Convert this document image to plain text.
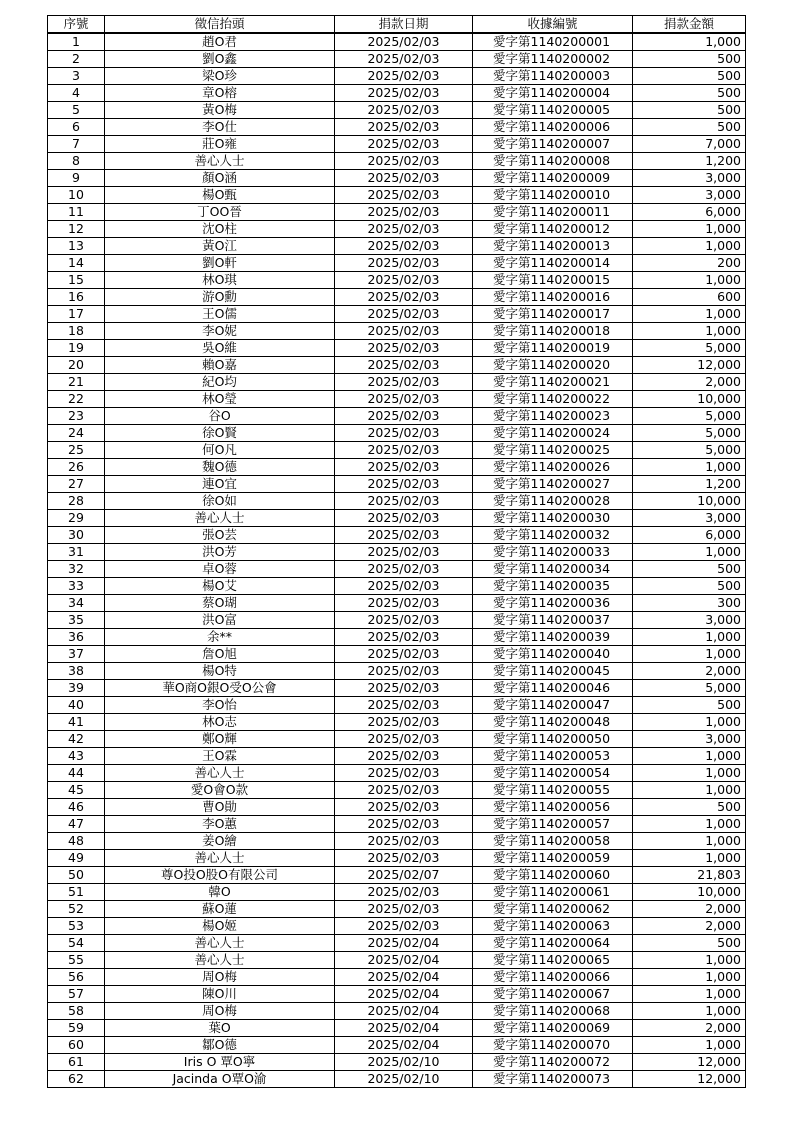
序號	徵信抬頭	捐款日期	收據編號	捐款金額
1	趙O君	2025/02/03	愛字第1140200001	1,000
2	劉O鑫	2025/02/03	愛字第1140200002	500
3	梁O珍	2025/02/03	愛字第1140200003	500
4	章O榕	2025/02/03	愛字第1140200004	500
5	黃O梅	2025/02/03	愛字第1140200005	500
6	李O仕	2025/02/03	愛字第1140200006	500
7	莊O雍	2025/02/03	愛字第1140200007	7,000
8	善心人士	2025/02/03	愛字第1140200008	1,200
9	顏O涵	2025/02/03	愛字第1140200009	3,000
10	楊O甄	2025/02/03	愛字第1140200010	3,000
11	丁OO晉	2025/02/03	愛字第1140200011	6,000
12	沈O柱	2025/02/03	愛字第1140200012	1,000
13	黃O江	2025/02/03	愛字第1140200013	1,000
14	劉O軒	2025/02/03	愛字第1140200014	200
15	林O琪	2025/02/03	愛字第1140200015	1,000
16	游O勳	2025/02/03	愛字第1140200016	600
17	王O儒	2025/02/03	愛字第1140200017	1,000
18	李O妮	2025/02/03	愛字第1140200018	1,000
19	吳O維	2025/02/03	愛字第1140200019	5,000
20	賴O嘉	2025/02/03	愛字第1140200020	12,000
21	紀O均	2025/02/03	愛字第1140200021	2,000
22	林O瑩	2025/02/03	愛字第1140200022	10,000
23	谷O	2025/02/03	愛字第1140200023	5,000
24	徐O賢	2025/02/03	愛字第1140200024	5,000
25	何O凡	2025/02/03	愛字第1140200025	5,000
26	魏O德	2025/02/03	愛字第1140200026	1,000
27	連O宜	2025/02/03	愛字第1140200027	1,200
28	徐O如	2025/02/03	愛字第1140200028	10,000
29	善心人士	2025/02/03	愛字第1140200030	3,000
30	張O芸	2025/02/03	愛字第1140200032	6,000
31	洪O芳	2025/02/03	愛字第1140200033	1,000
32	卓O蓉	2025/02/03	愛字第1140200034	500
33	楊O艾	2025/02/03	愛字第1140200035	500
34	蔡O瑚	2025/02/03	愛字第1140200036	300
35	洪O富	2025/02/03	愛字第1140200037	3,000
36	余**	2025/02/03	愛字第1140200039	1,000
37	詹O旭	2025/02/03	愛字第1140200040	1,000
38	楊O特	2025/02/03	愛字第1140200045	2,000
39	華O商O銀O受O公會	2025/02/03	愛字第1140200046	5,000
40	李O怡	2025/02/03	愛字第1140200047	500
41	林O志	2025/02/03	愛字第1140200048	1,000
42	鄭O輝	2025/02/03	愛字第1140200050	3,000
43	王O霖	2025/02/03	愛字第1140200053	1,000
44	善心人士	2025/02/03	愛字第1140200054	1,000
45	愛O會O款	2025/02/03	愛字第1140200055	1,000
46	曹O勛	2025/02/03	愛字第1140200056	500
47	李O蕙	2025/02/03	愛字第1140200057	1,000
48	姜O繪	2025/02/03	愛字第1140200058	1,000
49	善心人士	2025/02/03	愛字第1140200059	1,000
50	尊O投O股O有限公司	2025/02/07	愛字第1140200060	21,803
51	韓O	2025/02/03	愛字第1140200061	10,000
52	蘇O蓮	2025/02/03	愛字第1140200062	2,000
53	楊O姬	2025/02/03	愛字第1140200063	2,000
54	善心人士	2025/02/04	愛字第1140200064	500
55	善心人士	2025/02/04	愛字第1140200065	1,000
56	周O梅	2025/02/04	愛字第1140200066	1,000
57	陳O川	2025/02/04	愛字第1140200067	1,000
58	周O梅	2025/02/04	愛字第1140200068	1,000
59	葉O	2025/02/04	愛字第1140200069	2,000
60	鄒O德	2025/02/04	愛字第1140200070	1,000
61	Iris O 覃O寧	2025/02/10	愛字第1140200072	12,000
62	Jacinda O覃O渝	2025/02/10	愛字第1140200073	12,000
